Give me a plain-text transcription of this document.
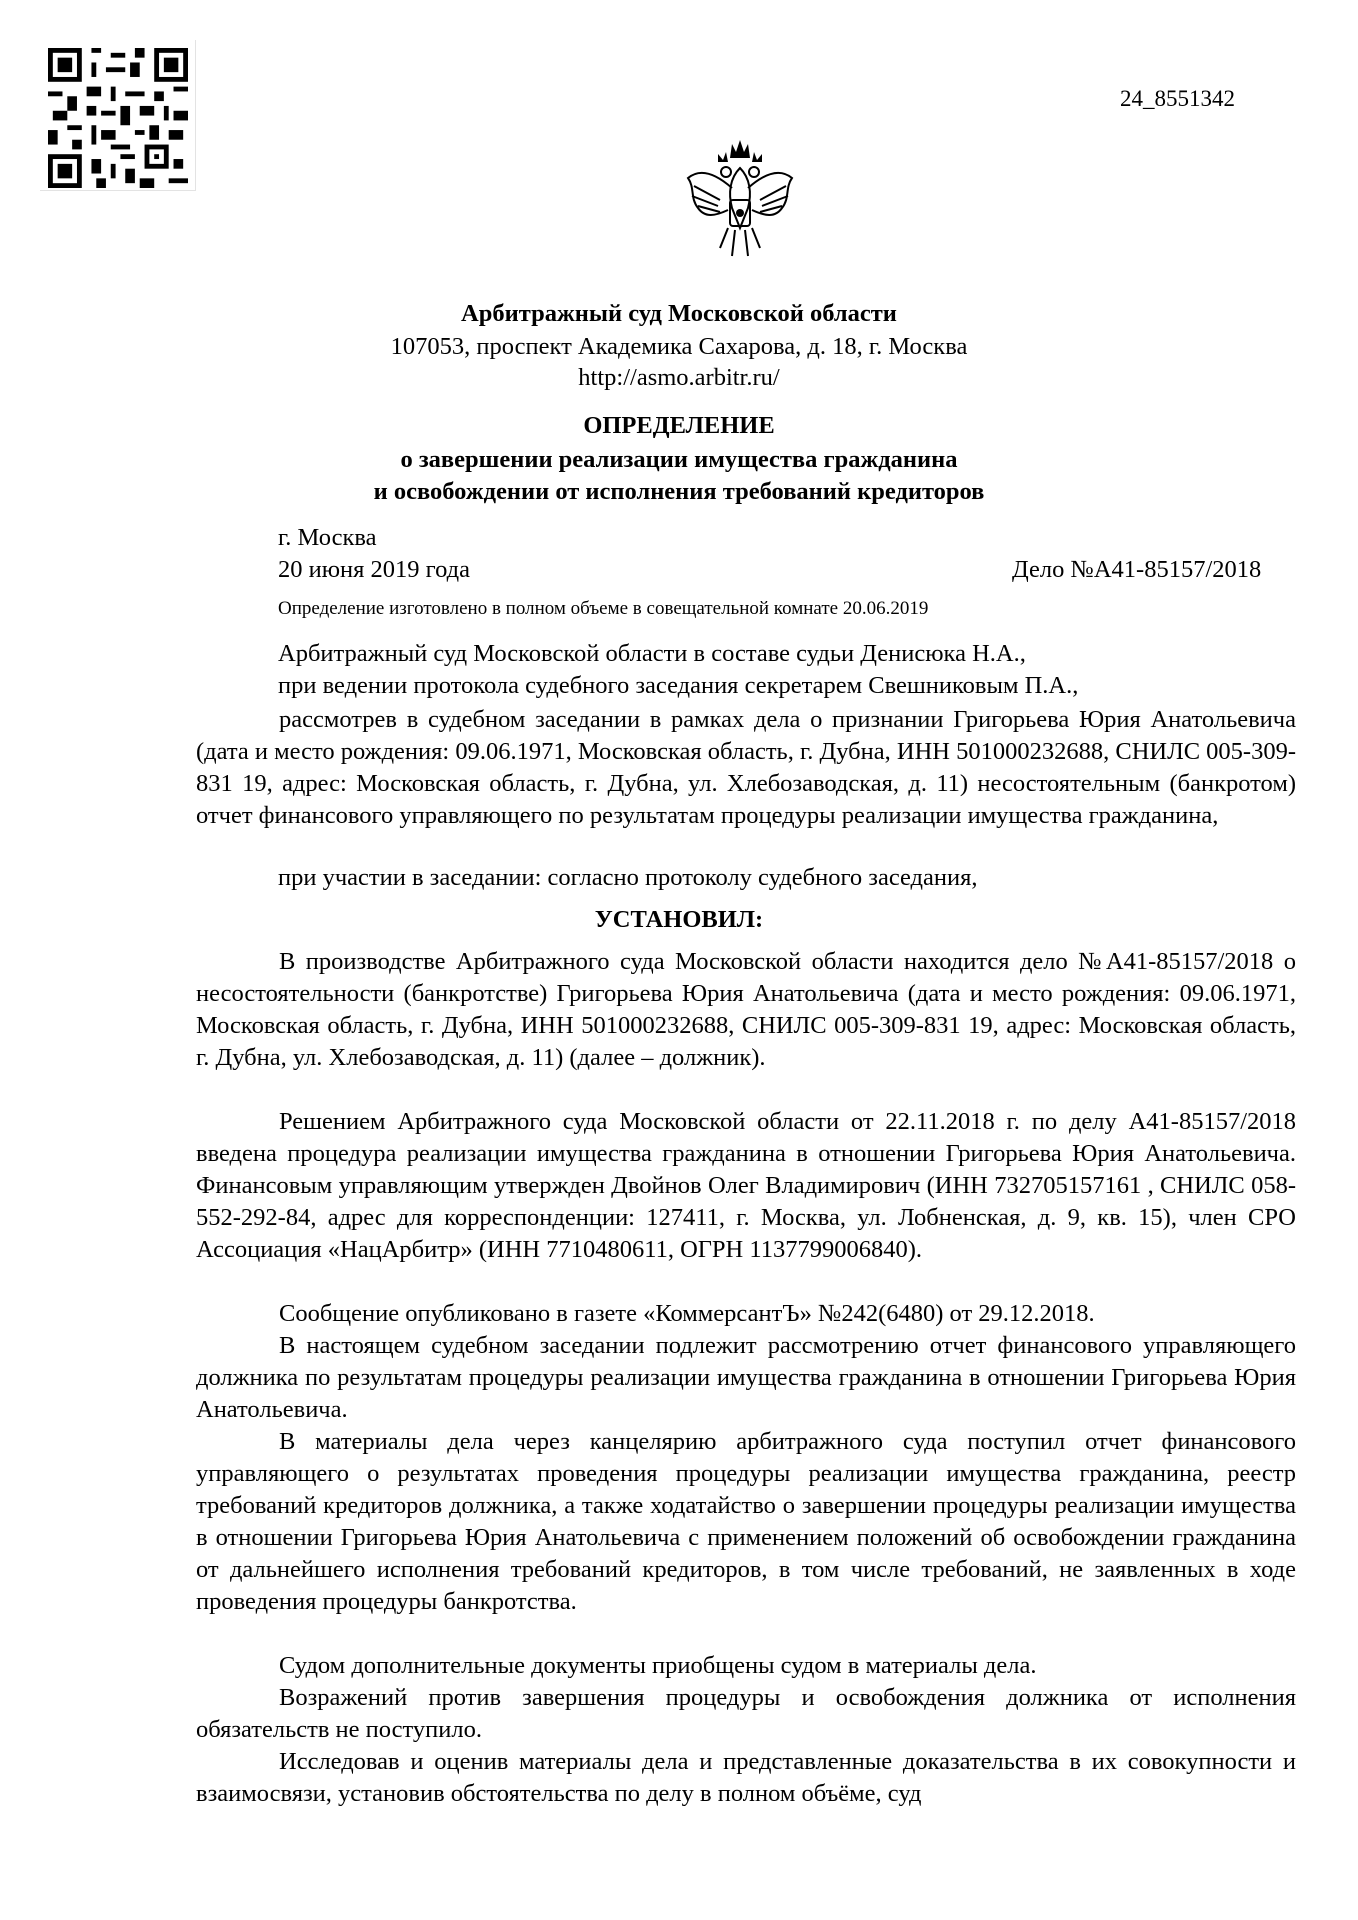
24_8551342
Арбитражный суд Московской области
107053, проспект Академика Сахарова, д. 18, г. Москва
http://asmo.arbitr.ru/
ОПРЕДЕЛЕНИЕ
о завершении реализации имущества гражданина
и освобождении от исполнения требований кредиторов
г. Москва
20 июня 2019 года	Дело №А41-85157/2018
Определение изготовлено в полном объеме в совещательной комнате 20.06.2019
Арбитражный суд Московской области в составе судьи Денисюка Н.А.,
при ведении протокола судебного заседания секретарем Свешниковым П.А.,
рассмотрев в судебном заседании в рамках дела о признании Григорьева Юрия Анатольевича (дата и место рождения: 09.06.1971, Московская область, г. Дубна, ИНН 501000232688, СНИЛС 005-309-831 19, адрес: Московская область, г. Дубна, ул. Хлебозаводская, д. 11) несостоятельным (банкротом) отчет финансового управляющего по результатам процедуры реализации имущества гражданина,
при участии в заседании: согласно протоколу судебного заседания,
УСТАНОВИЛ:
В производстве Арбитражного суда Московской области находится дело №А41-85157/2018 о несостоятельности (банкротстве) Григорьева Юрия Анатольевича (дата и место рождения: 09.06.1971, Московская область, г. Дубна, ИНН 501000232688, СНИЛС 005-309-831 19, адрес: Московская область, г. Дубна, ул. Хлебозаводская, д. 11) (далее – должник).
Решением Арбитражного суда Московской области от 22.11.2018 г. по делу А41-85157/2018 введена процедура реализации имущества гражданина в отношении Григорьева Юрия Анатольевича. Финансовым управляющим утвержден Двойнов Олег Владимирович (ИНН 732705157161 , СНИЛС 058-552-292-84, адрес для корреспонденции: 127411, г. Москва, ул. Лобненская, д. 9, кв. 15), член СРО Ассоциация «НацАрбитр» (ИНН 7710480611, ОГРН 1137799006840).
Сообщение опубликовано в газете «КоммерсантЪ» №242(6480) от 29.12.2018.
В настоящем судебном заседании подлежит рассмотрению отчет финансового управляющего должника по результатам процедуры реализации имущества гражданина в отношении Григорьева Юрия Анатольевича.
В материалы дела через канцелярию арбитражного суда поступил отчет финансового управляющего о результатах проведения процедуры реализации имущества гражданина, реестр требований кредиторов должника, а также ходатайство о завершении процедуры реализации имущества в отношении Григорьева Юрия Анатольевича с применением положений об освобождении гражданина от дальнейшего исполнения требований кредиторов, в том числе требований, не заявленных в ходе проведения процедуры банкротства.
Судом дополнительные документы приобщены судом в материалы дела.
Возражений против завершения процедуры и освобождения должника от исполнения обязательств не поступило.
Исследовав и оценив материалы дела и представленные доказательства в их совокупности и взаимосвязи, установив обстоятельства по делу в полном объёме, суд
